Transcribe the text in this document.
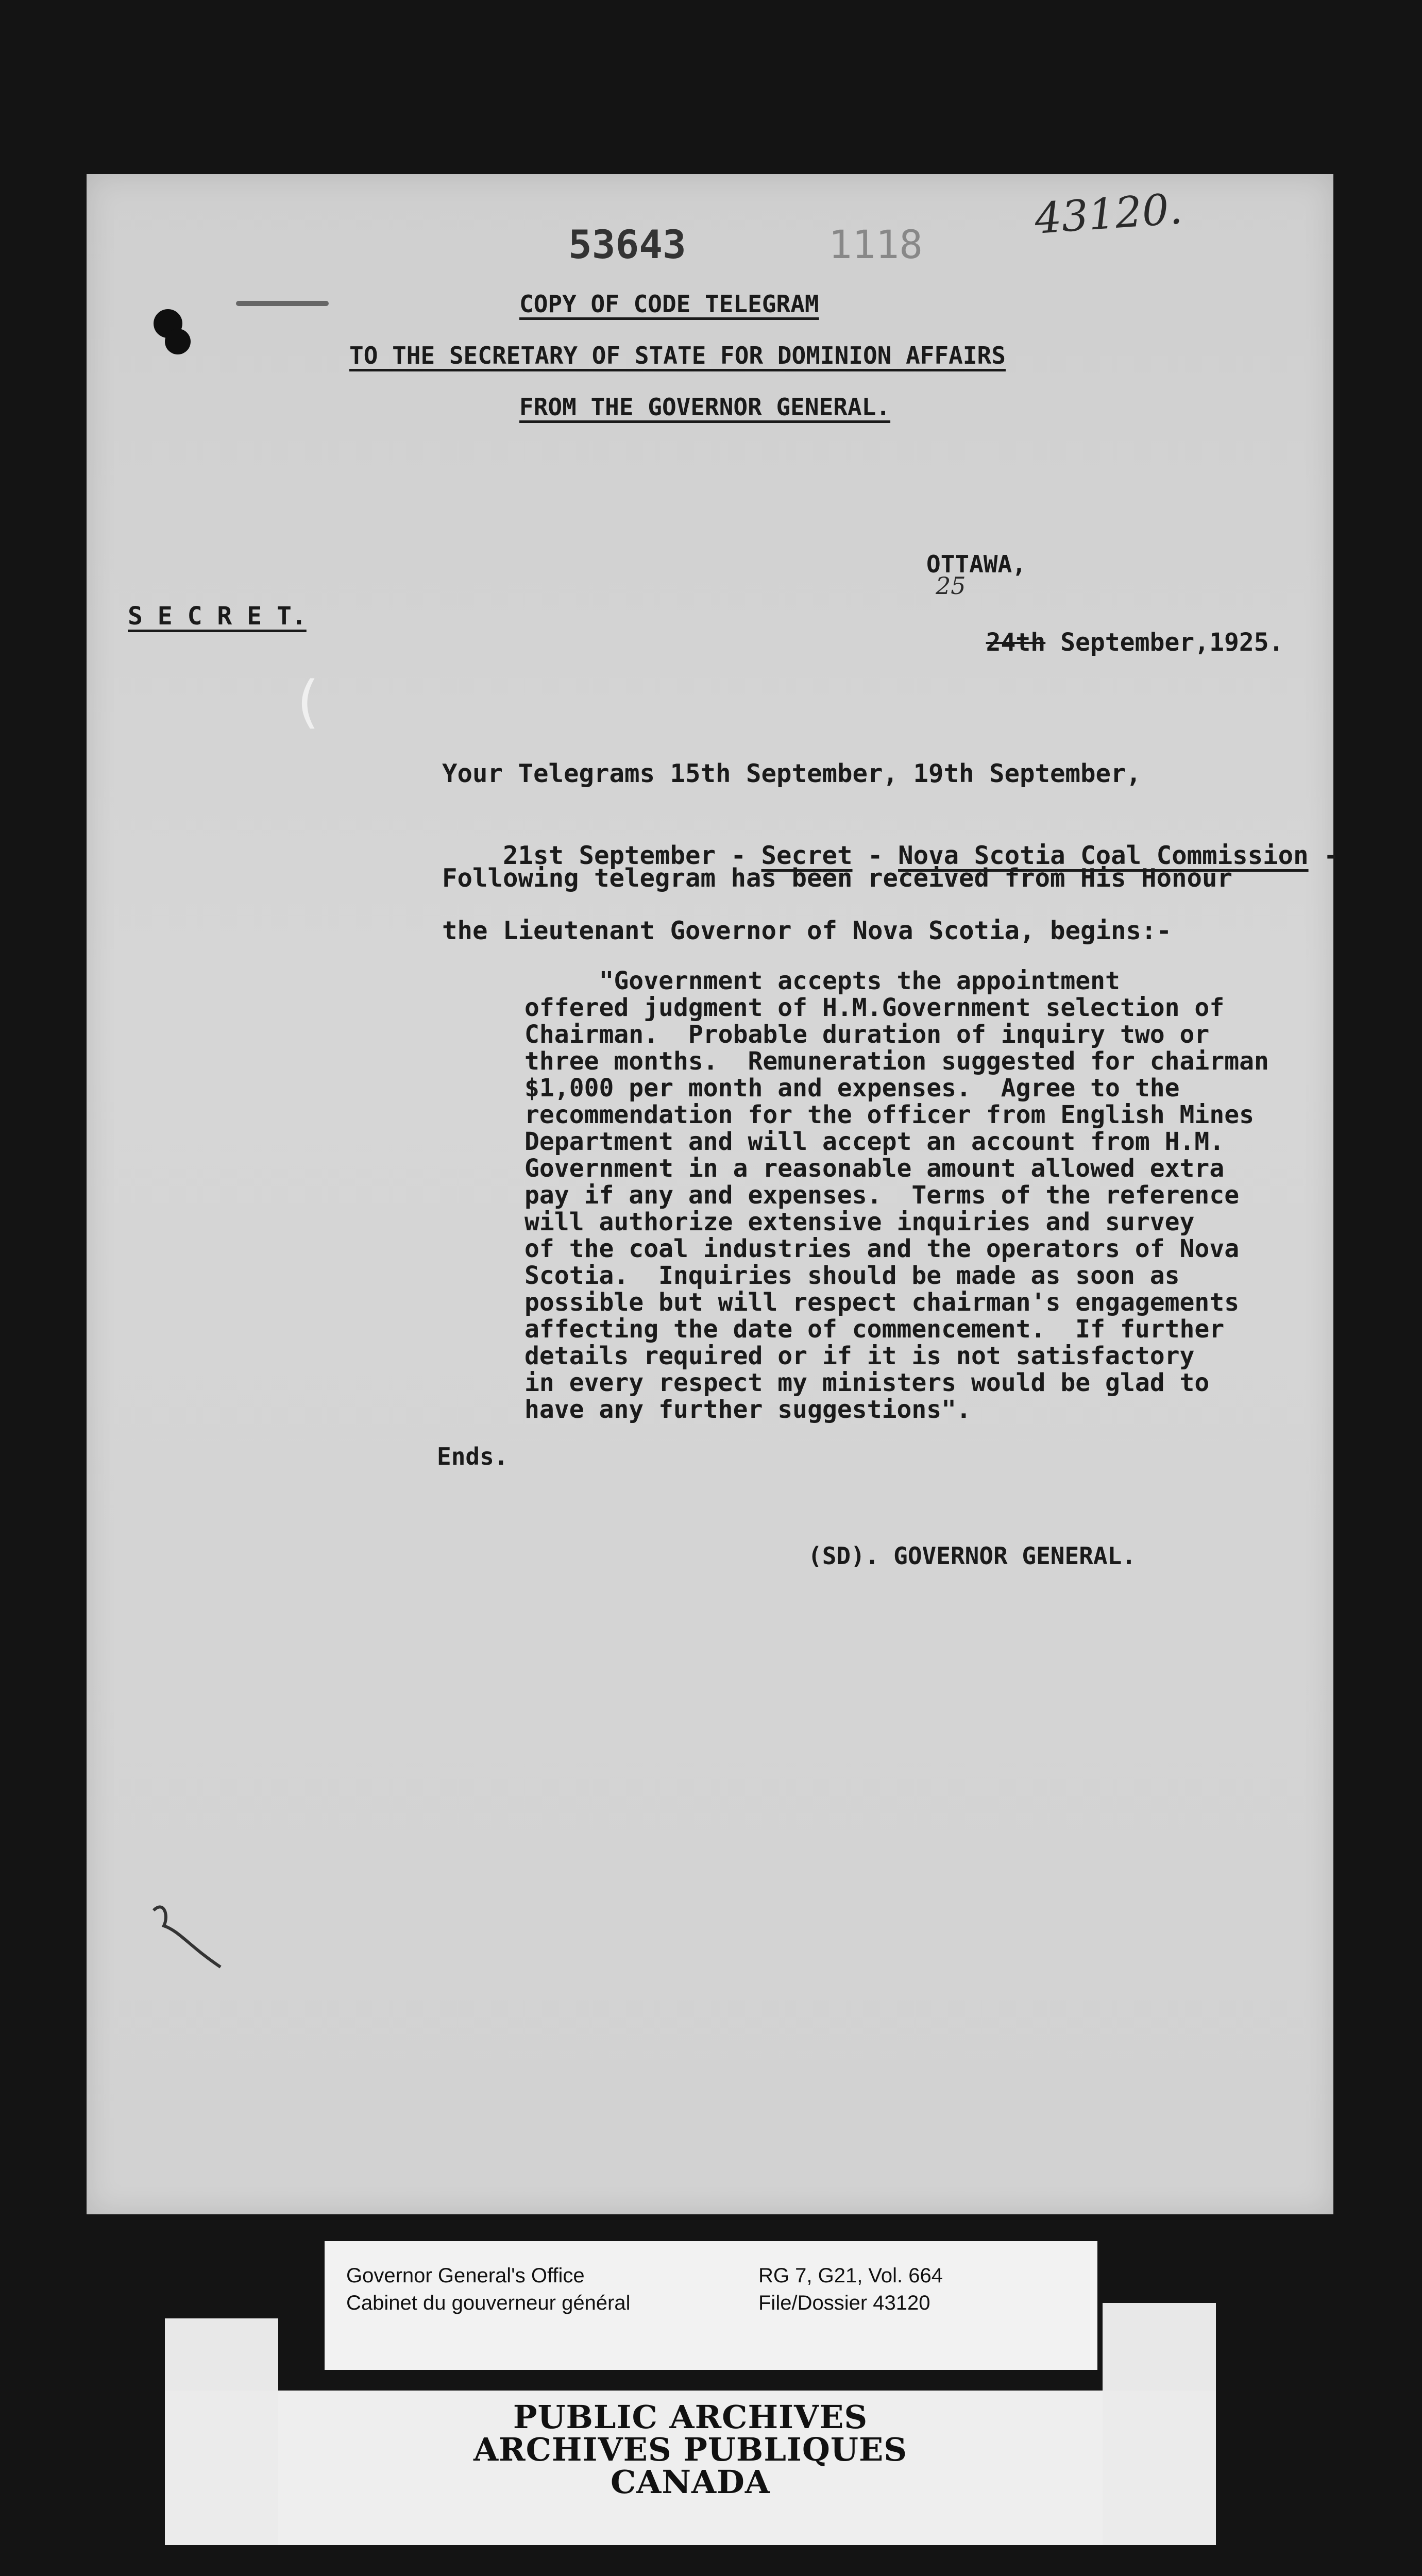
53643	1118
43120.
COPY OF CODE TELEGRAM
TO THE SECRETARY OF STATE FOR DOMINION AFFAIRS
FROM THE GOVERNOR GENERAL.
S E C R E T.
OTTAWA,
25

24th September,1925.

(
Your Telegrams 15th September, 19th September,

21st September - Secret - Nova Scotia Coal Commission -

Following telegram has been received from His Honour
the Lieutenant Governor of Nova Scotia, begins:-

"Government accepts the appointment

offered judgment of H.M.Government selection of

Chairman.  Probable duration of inquiry two or

three months.  Remuneration suggested for chairman

$1,000 per month and expenses.  Agree to the

recommendation for the officer from English Mines

Department and will accept an account from H.M.

Government in a reasonable amount allowed extra

pay if any and expenses.  Terms of the reference

will authorize extensive inquiries and survey

of the coal industries and the operators of Nova

Scotia.  Inquiries should be made as soon as

possible but will respect chairman's engagements

affecting the date of commencement.  If further

details required or if it is not satisfactory

in every respect my ministers would be glad to

have any further suggestions".

Ends.
(SD). GOVERNOR GENERAL.
Governor General's Office
Cabinet du gouverneur général
RG 7, G21, Vol. 664
File/Dossier 43120
PUBLIC ARCHIVES
ARCHIVES PUBLIQUES
CANADA
